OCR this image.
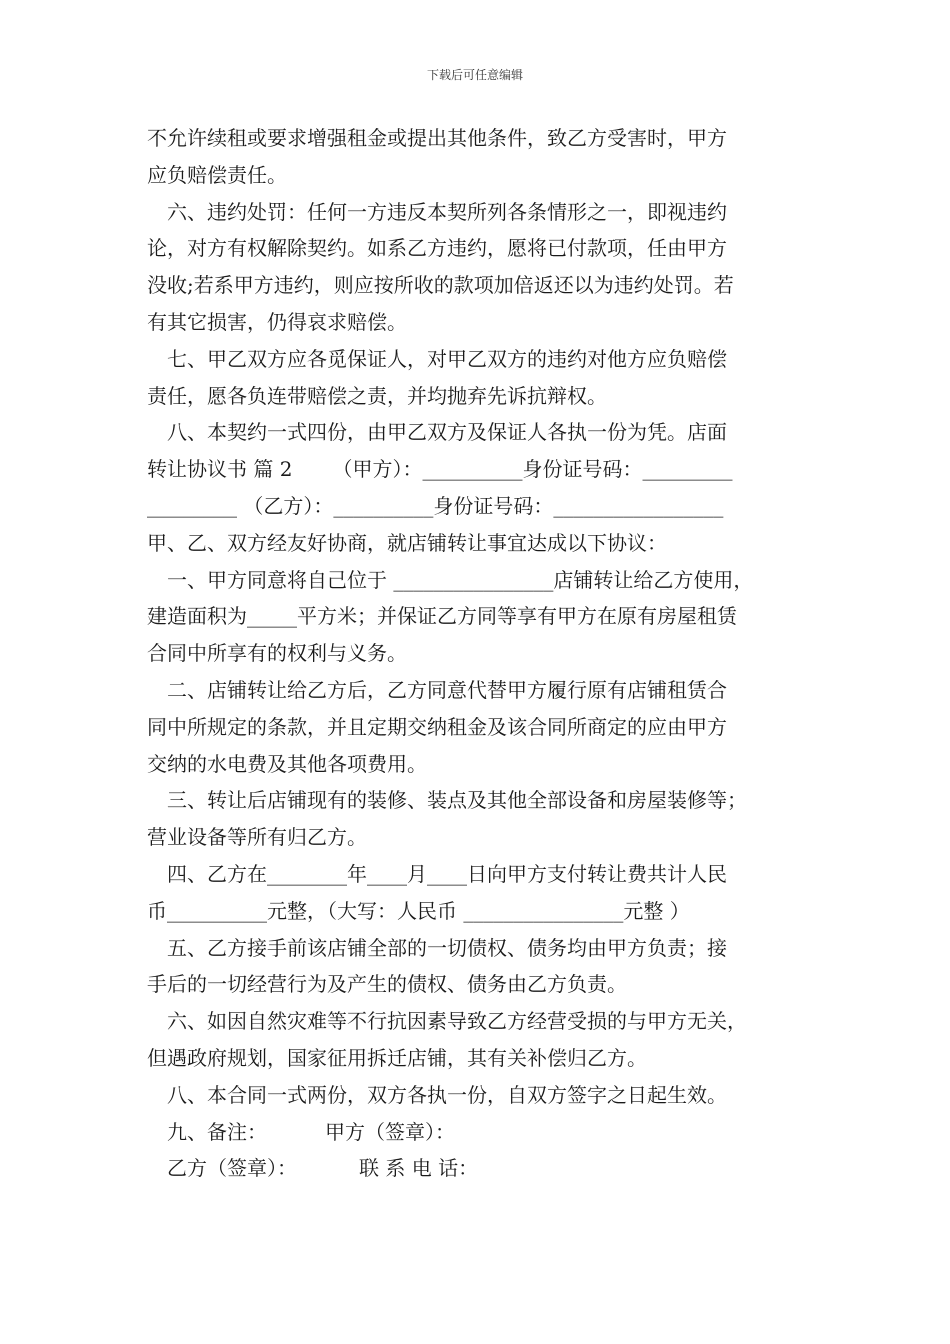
下载后可任意编辑
不允许续租或要求增强租金或提出其他条件，致乙方受害时，甲方
应负赔偿责任。
六、违约处罚：任何一方违反本契所列各条情形之一，即视违约
论，对方有权解除契约。如系乙方违约，愿将已付款项，任由甲方
没收;若系甲方违约，则应按所收的款项加倍返还以为违约处罚。若
有其它损害，仍得哀求赔偿。
七、甲乙双方应各觅保证人，对甲乙双方的违约对他方应负赔偿
责任，愿各负连带赔偿之责，并均抛弃先诉抗辩权。
八、本契约一式四份，由甲乙双方及保证人各执一份为凭。店面
转让协议书 篇 2 （甲方）：__________身份证号码：_________
_________ （乙方）：__________身份证号码：_________________
甲、乙、双方经友好协商，就店铺转让事宜达成以下协议：
一、甲方同意将自己位于 ________________店铺转让给乙方使用，
建造面积为_____平方米；并保证乙方同等享有甲方在原有房屋租赁
合同中所享有的权利与义务。
二、店铺转让给乙方后，乙方同意代替甲方履行原有店铺租赁合
同中所规定的条款，并且定期交纳租金及该合同所商定的应由甲方
交纳的水电费及其他各项费用。
三、转让后店铺现有的装修、装点及其他全部设备和房屋装修等；
营业设备等所有归乙方。
四、乙方在________年____月____日向甲方支付转让费共计人民
币__________元整，（大写：人民币 ________________元整 ）
五、乙方接手前该店铺全部的一切债权、债务均由甲方负责；接
手后的一切经营行为及产生的债权、债务由乙方负责。
六、如因自然灾难等不行抗因素导致乙方经营受损的与甲方无关，
但遇政府规划，国家征用拆迁店铺，其有关补偿归乙方。
八、本合同一式两份，双方各执一份，自双方签字之日起生效。
九、备注：	甲方（签章）：
乙方（签章）：	联 系 电 话：
